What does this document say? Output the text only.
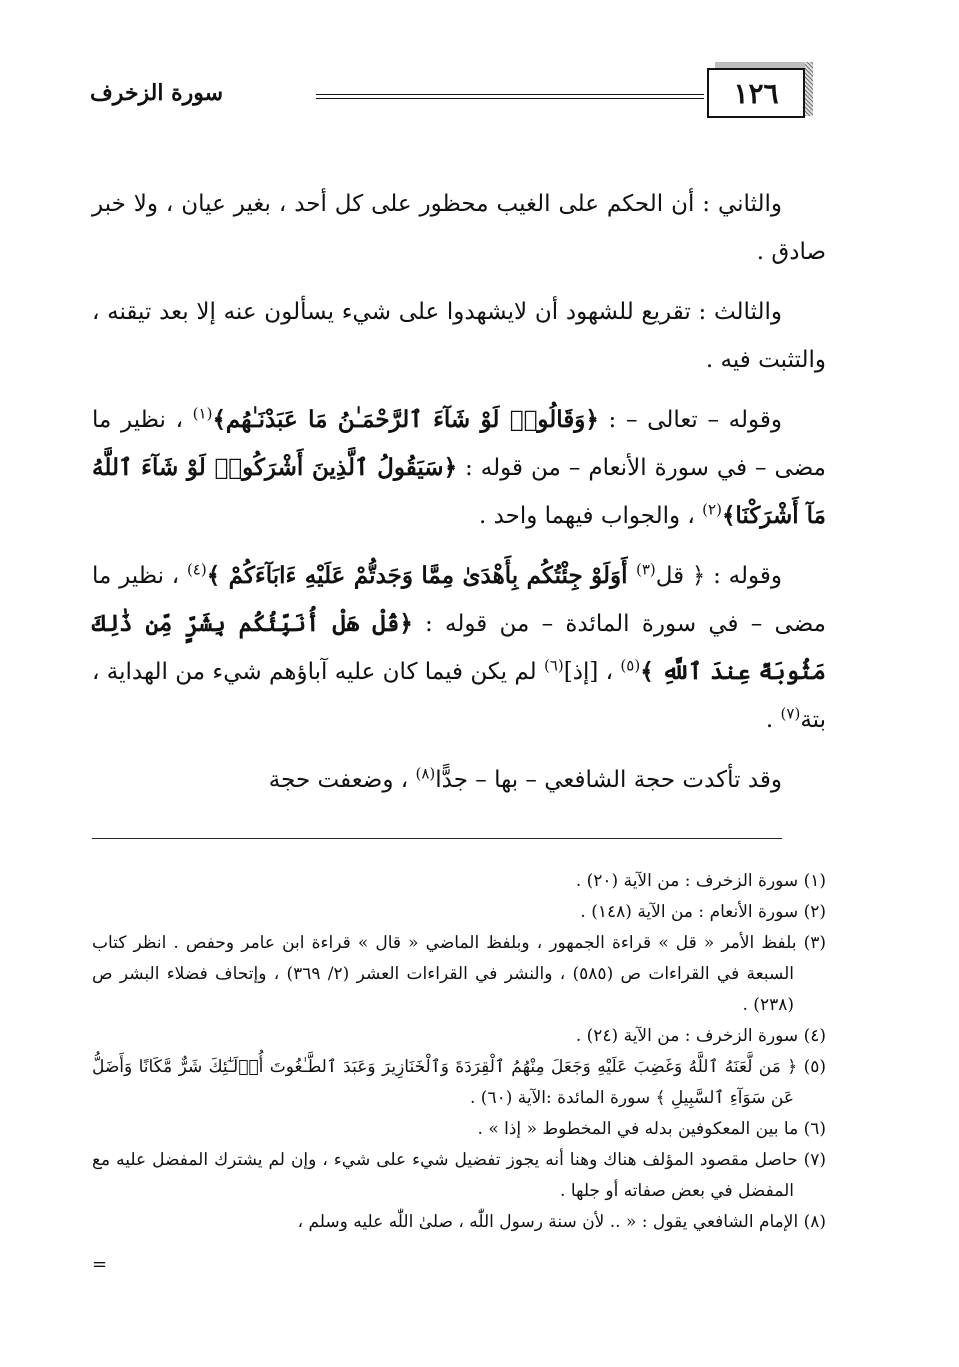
١٢٦
سورة الزخرف

والثاني : أن الحكم على الغيب محظور على كل أحد ، بغير عيان ، ولا خبر صادق .

والثالث : تقريع للشهود أن لايشهدوا على شيء يسألون عنه إلا بعد تيقنه ، والتثبت فيه .

وقوله – تعالى – : ﴿وَقَالُوا۟ لَوْ شَآءَ ٱلرَّحْمَـٰنُ مَا عَبَدْنَـٰهُم﴾$^{(١)}$ ، نظير ما مضى – في سورة الأنعام – من قوله : ﴿سَيَقُولُ ٱلَّذِينَ أَشْرَكُوا۟ لَوْ شَآءَ ٱللَّهُ مَآ أَشْرَكْنَا﴾$^{(٢)}$ ، والجواب فيهما واحد .

وقوله : ﴿ قل$^{(٣)}$ أَوَلَوْ جِئْتُكُم بِأَهْدَىٰ مِمَّا وَجَدتُّمْ عَلَيْهِ ءَابَآءَكُمْ ﴾$^{(٤)}$ ، نظير ما مضى – في سورة المائدة – من قوله : ﴿قُلْ هَلْ أُنَبِّئُكُم بِشَرٍّ مِّن ذَٰلِكَ مَثُوبَةً عِندَ ٱللَّهِ ﴾$^{(٥)}$ ، [إذ]$^{(٦)}$ لم يكن فيما كان عليه آباؤهم شيء من الهداية ، بتة$^{(٧)}$ .

وقد تأكدت حجة الشافعي – بها – جدًّا$^{(٨)}$ ، وضعفت حجة

(١) سورة الزخرف : من الآية (٢٠) .

(٢) سورة الأنعام : من الآية (١٤٨) .

(٣) بلفظ الأمر « قل » قراءة الجمهور ، وبلفظ الماضي « قال » قراءة ابن عامر وحفص . انظر كتاب السبعة في القراءات ص (٥٨٥) ، والنشر في القراءات العشر (٢/ ٣٦٩) ، وإتحاف فضلاء البشر ص (٢٣٨) .

(٤) سورة الزخرف : من الآية (٢٤) .

(٥) ﴿ مَن لَّعَنَهُ ٱللَّهُ وَغَضِبَ عَلَيْهِ وَجَعَلَ مِنْهُمُ ٱلْقِرَدَةَ وَٱلْخَنَازِيرَ وَعَبَدَ ٱلطَّـٰغُوتَ أُو۟لَـٰٓئِكَ شَرٌّ مَّكَانًا وَأَضَلُّ عَن سَوَآءِ ٱلسَّبِيلِ ﴾ سورة المائدة :الآية (٦٠) .

(٦) ما بين المعكوفين بدله في المخطوط « إذا » .

(٧) حاصل مقصود المؤلف هناك وهنا أنه يجوز تفضيل شيء على شيء ، وإن لم يشترك المفضل عليه مع المفضل في بعض صفاته أو جلها .

(٨) الإمام الشافعي يقول : « .. لأن سنة رسول اللّٰه ، صلىٰ اللّٰه عليه وسلم ،

=
